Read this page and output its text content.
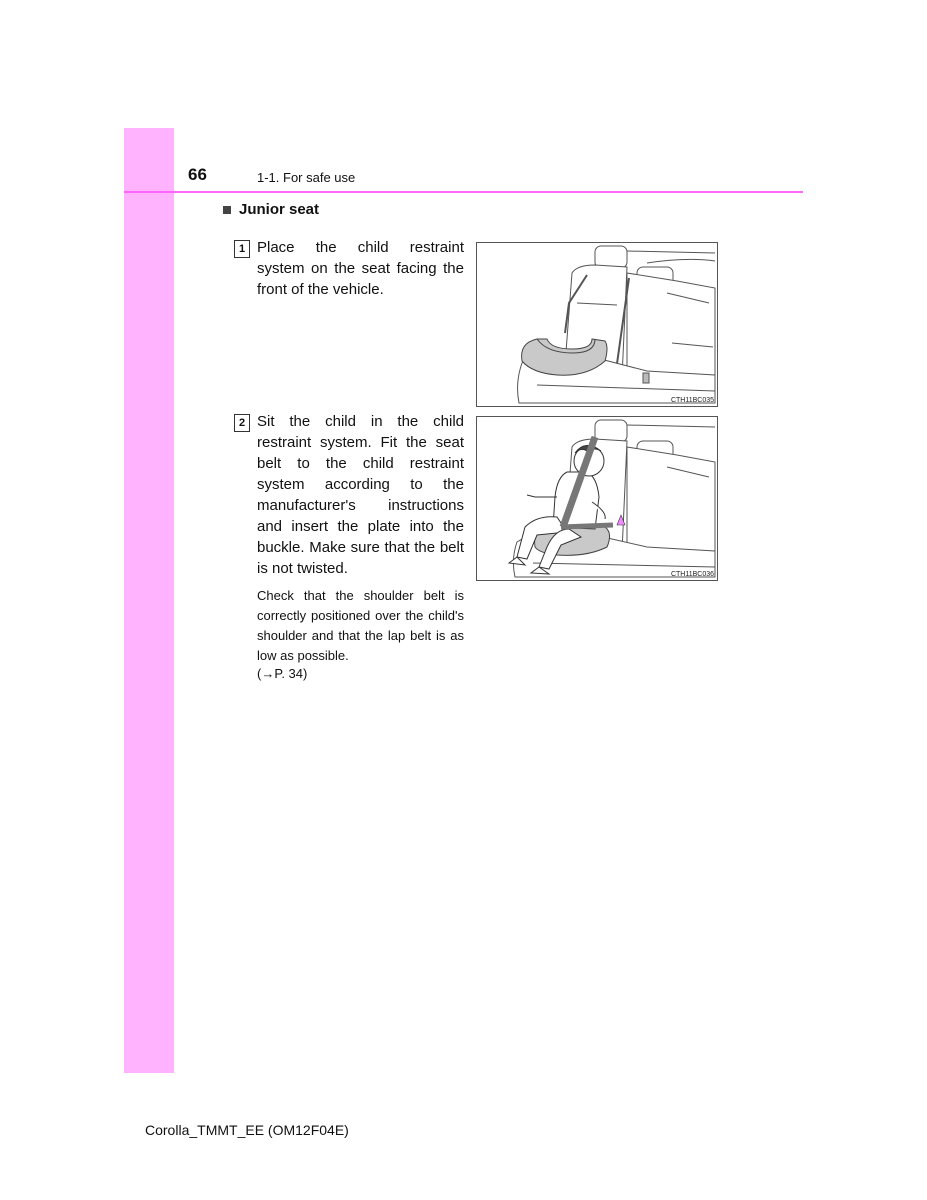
66	1-1. For safe use
Junior seat
1 Place the child restraint system on the seat facing the front of the vehicle.

CTH11BC035
2 Sit the child in the child restraint system. Fit the seat belt to the child restraint system according to the manufacturer's instructions and insert the plate into the buckle. Make sure that the belt is not twisted.

Check that the shoulder belt is correctly positioned over the child's shoulder and that the lap belt is as low as possible.

(→P. 34)
CTH11BC036
Corolla_TMMT_EE (OM12F04E)
